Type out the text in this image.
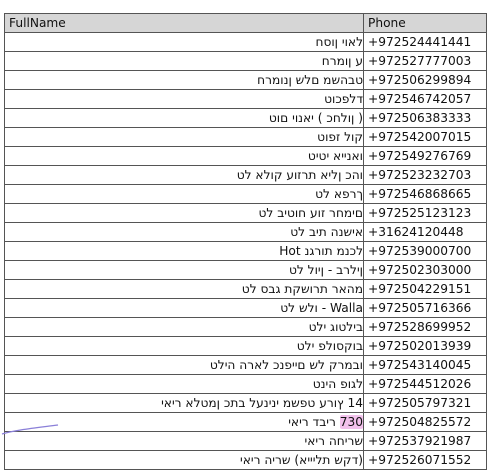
FullName	Phone
לאוי ןוסח	+972524441441
ע ןומרח	+972527777003
טבהשמ םלש ןנומרח	+972506299894
דלפכוט	+972546742057
( ןולחכ ) יאנוי םוט	+972506383333
קול זפוט	+972542007015
ואנייא יטיט	+972549276769
והכ ןליא תרזוע קולא לט	+972523232703
ךרפא לט	+972546868665
םימחר זוע חוטיב לט	+972525123123
אישנה תיב לט	+31624120448
לכנמ תורגנ Hot	+972539000700
ןילרב - ןיול לט	+972502303000
מהאר תרושקת גבס לט	+972504229151
Walla - ולש לט	+972505716366
בילטוג ילט	+972528699952
בוקסולפ ילט	+972502013939
ובמרק לש םייפנכ לארה הילט	+972543140045
לגופ הינט	+972544512026
14 ץורע טפשמ ינינעל בתכ ןמטלא ריאי	+972505797321
730 ריבד ריאי	+972504825572
שריחה ריאי	+972537921987
(דקש תליייא) שריה ריאי	+972526071552
